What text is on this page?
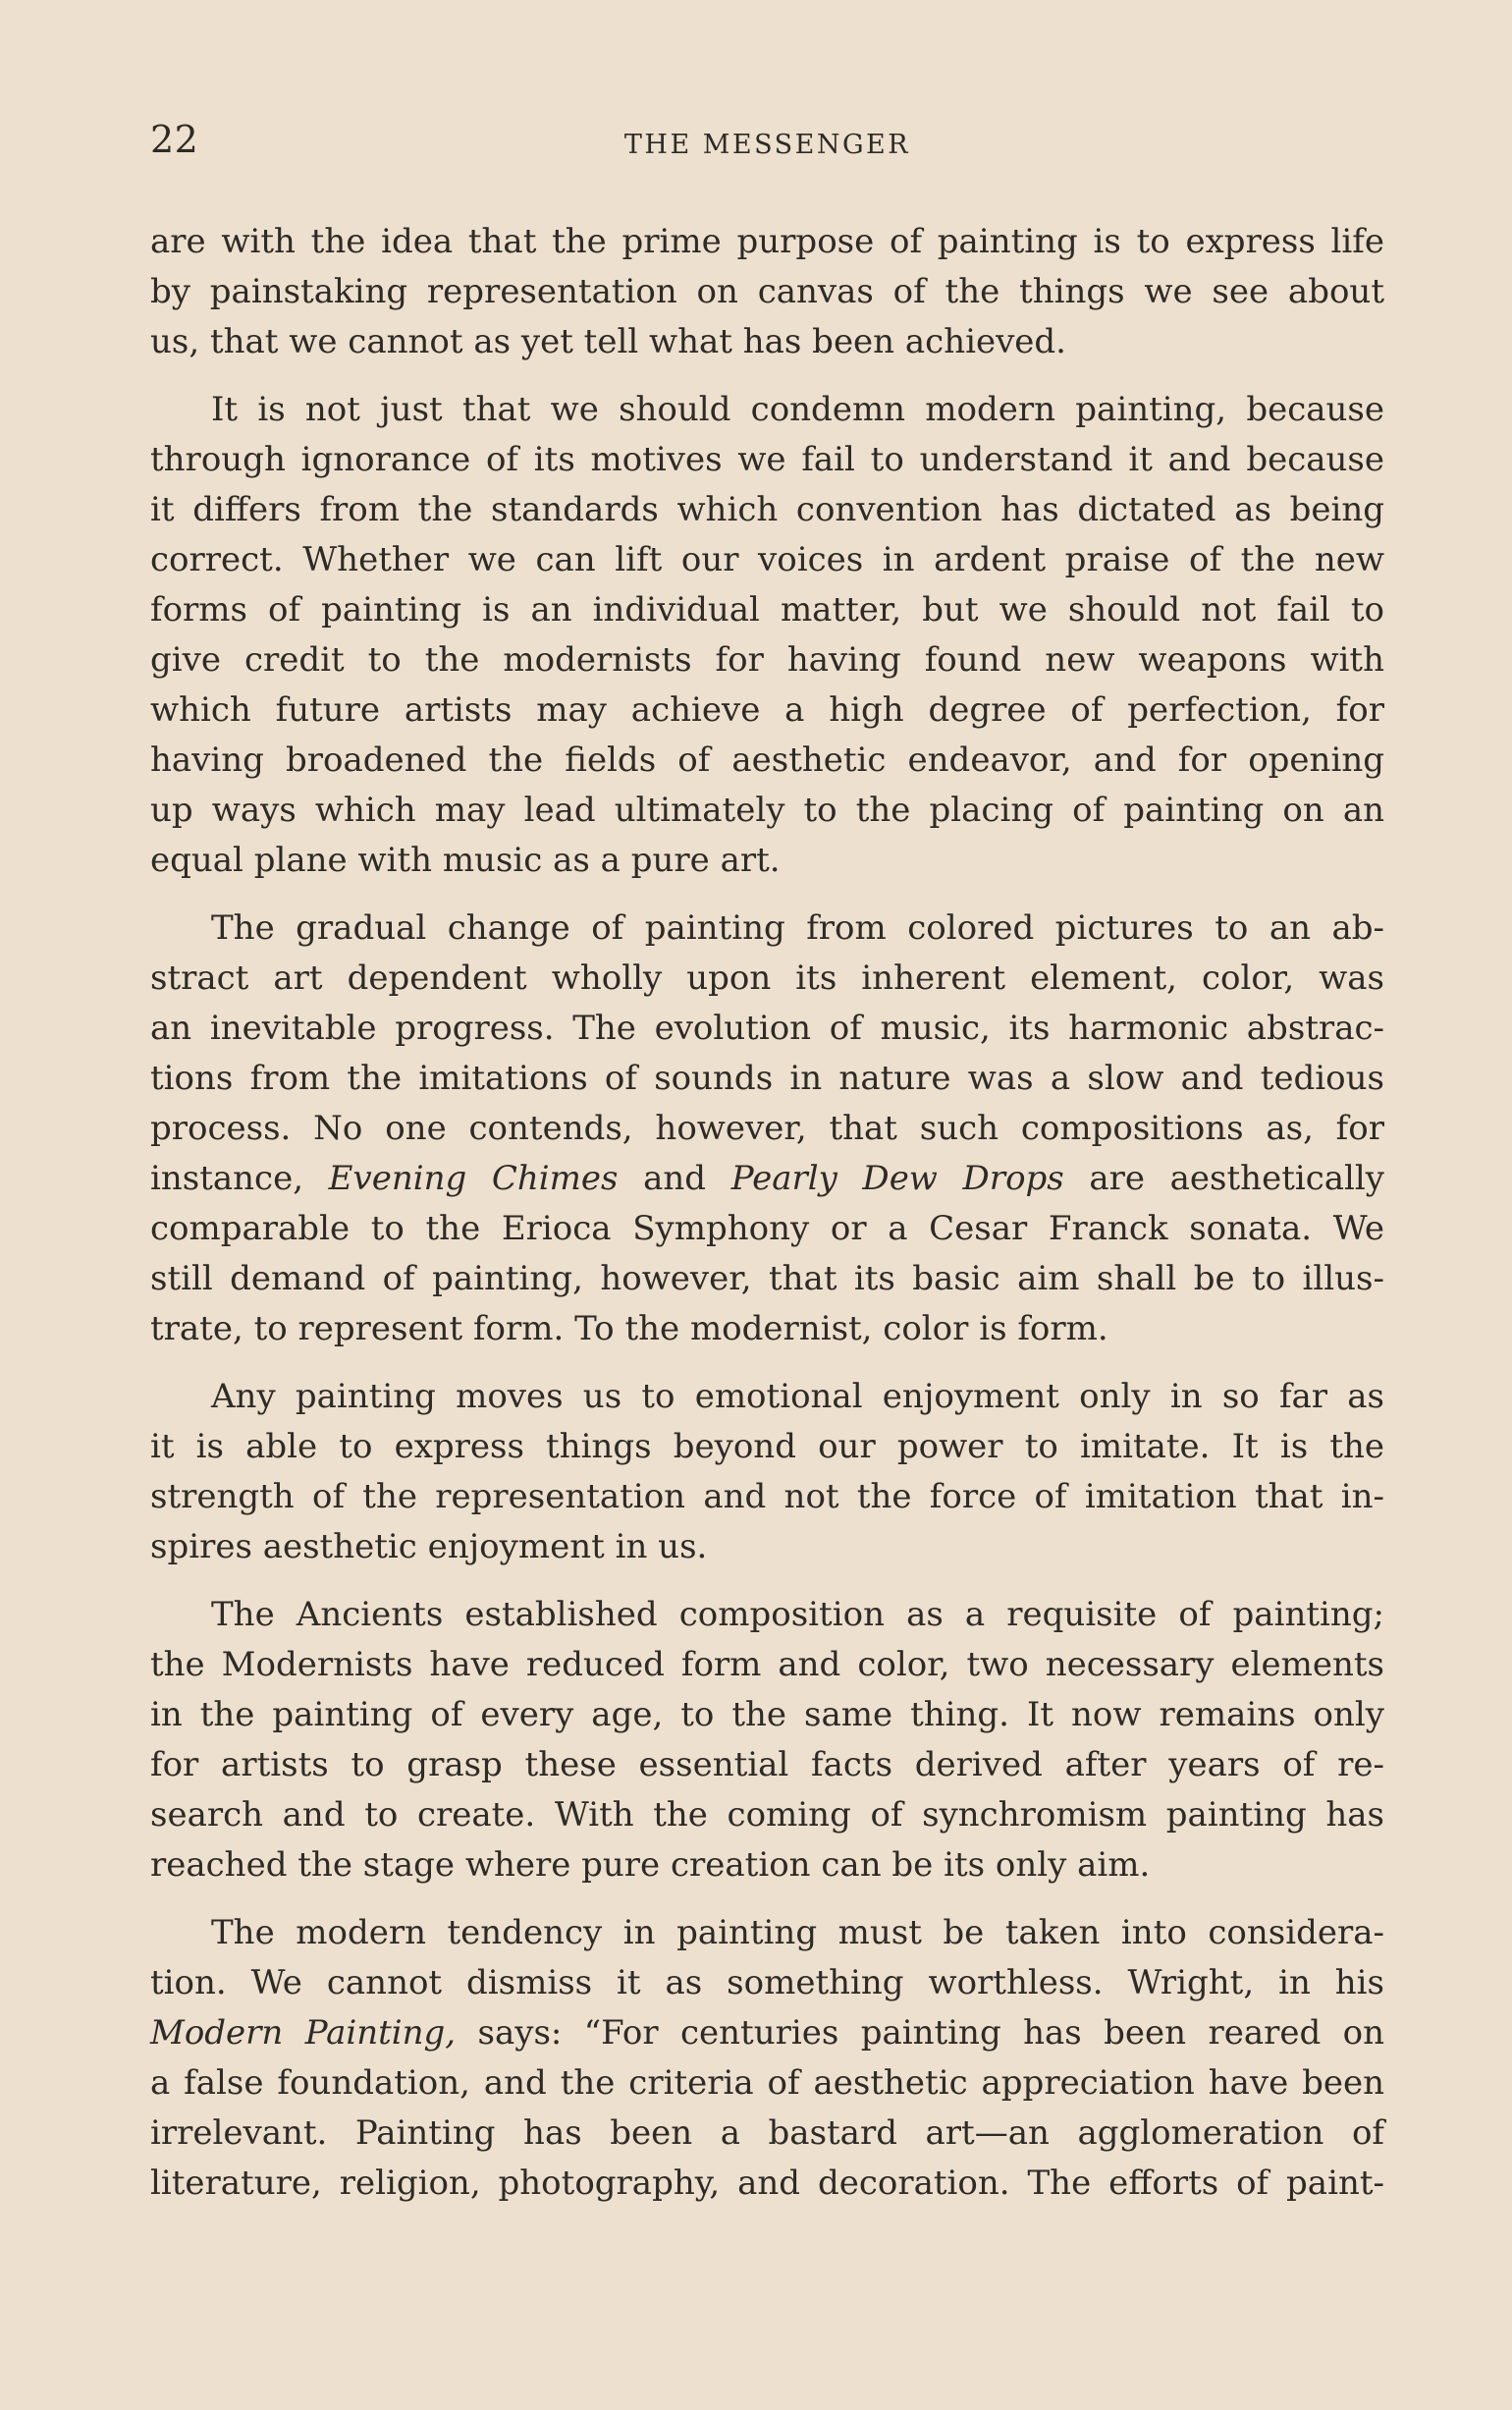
22	THE MESSENGER
are with the idea that the prime purpose of painting is to express life
by painstaking representation on canvas of the things we see about
us, that we cannot as yet tell what has been achieved.
It is not just that we should condemn modern painting, because
through ignorance of its motives we fail to understand it and because
it differs from the standards which convention has dictated as being
correct. Whether we can lift our voices in ardent praise of the new
forms of painting is an individual matter, but we should not fail to
give credit to the modernists for having found new weapons with
which future artists may achieve a high degree of perfection, for
having broadened the fields of aesthetic endeavor, and for opening
up ways which may lead ultimately to the placing of painting on an
equal plane with music as a pure art.
The gradual change of painting from colored pictures to an ab-
stract art dependent wholly upon its inherent element, color, was
an inevitable progress. The evolution of music, its harmonic abstrac-
tions from the imitations of sounds in nature was a slow and tedious
process. No one contends, however, that such compositions as, for
instance, Evening Chimes and Pearly Dew Drops are aesthetically
comparable to the Erioca Symphony or a Cesar Franck sonata. We
still demand of painting, however, that its basic aim shall be to illus-
trate, to represent form. To the modernist, color is form.
Any painting moves us to emotional enjoyment only in so far as
it is able to express things beyond our power to imitate. It is the
strength of the representation and not the force of imitation that in-
spires aesthetic enjoyment in us.
The Ancients established composition as a requisite of painting;
the Modernists have reduced form and color, two necessary elements
in the painting of every age, to the same thing. It now remains only
for artists to grasp these essential facts derived after years of re-
search and to create. With the coming of synchromism painting has
reached the stage where pure creation can be its only aim.
The modern tendency in painting must be taken into considera-
tion. We cannot dismiss it as something worthless. Wright, in his
Modern Painting, says: “For centuries painting has been reared on
a false foundation, and the criteria of aesthetic appreciation have been
irrelevant. Painting has been a bastard art—an agglomeration of
literature, religion, photography, and decoration. The efforts of paint-
